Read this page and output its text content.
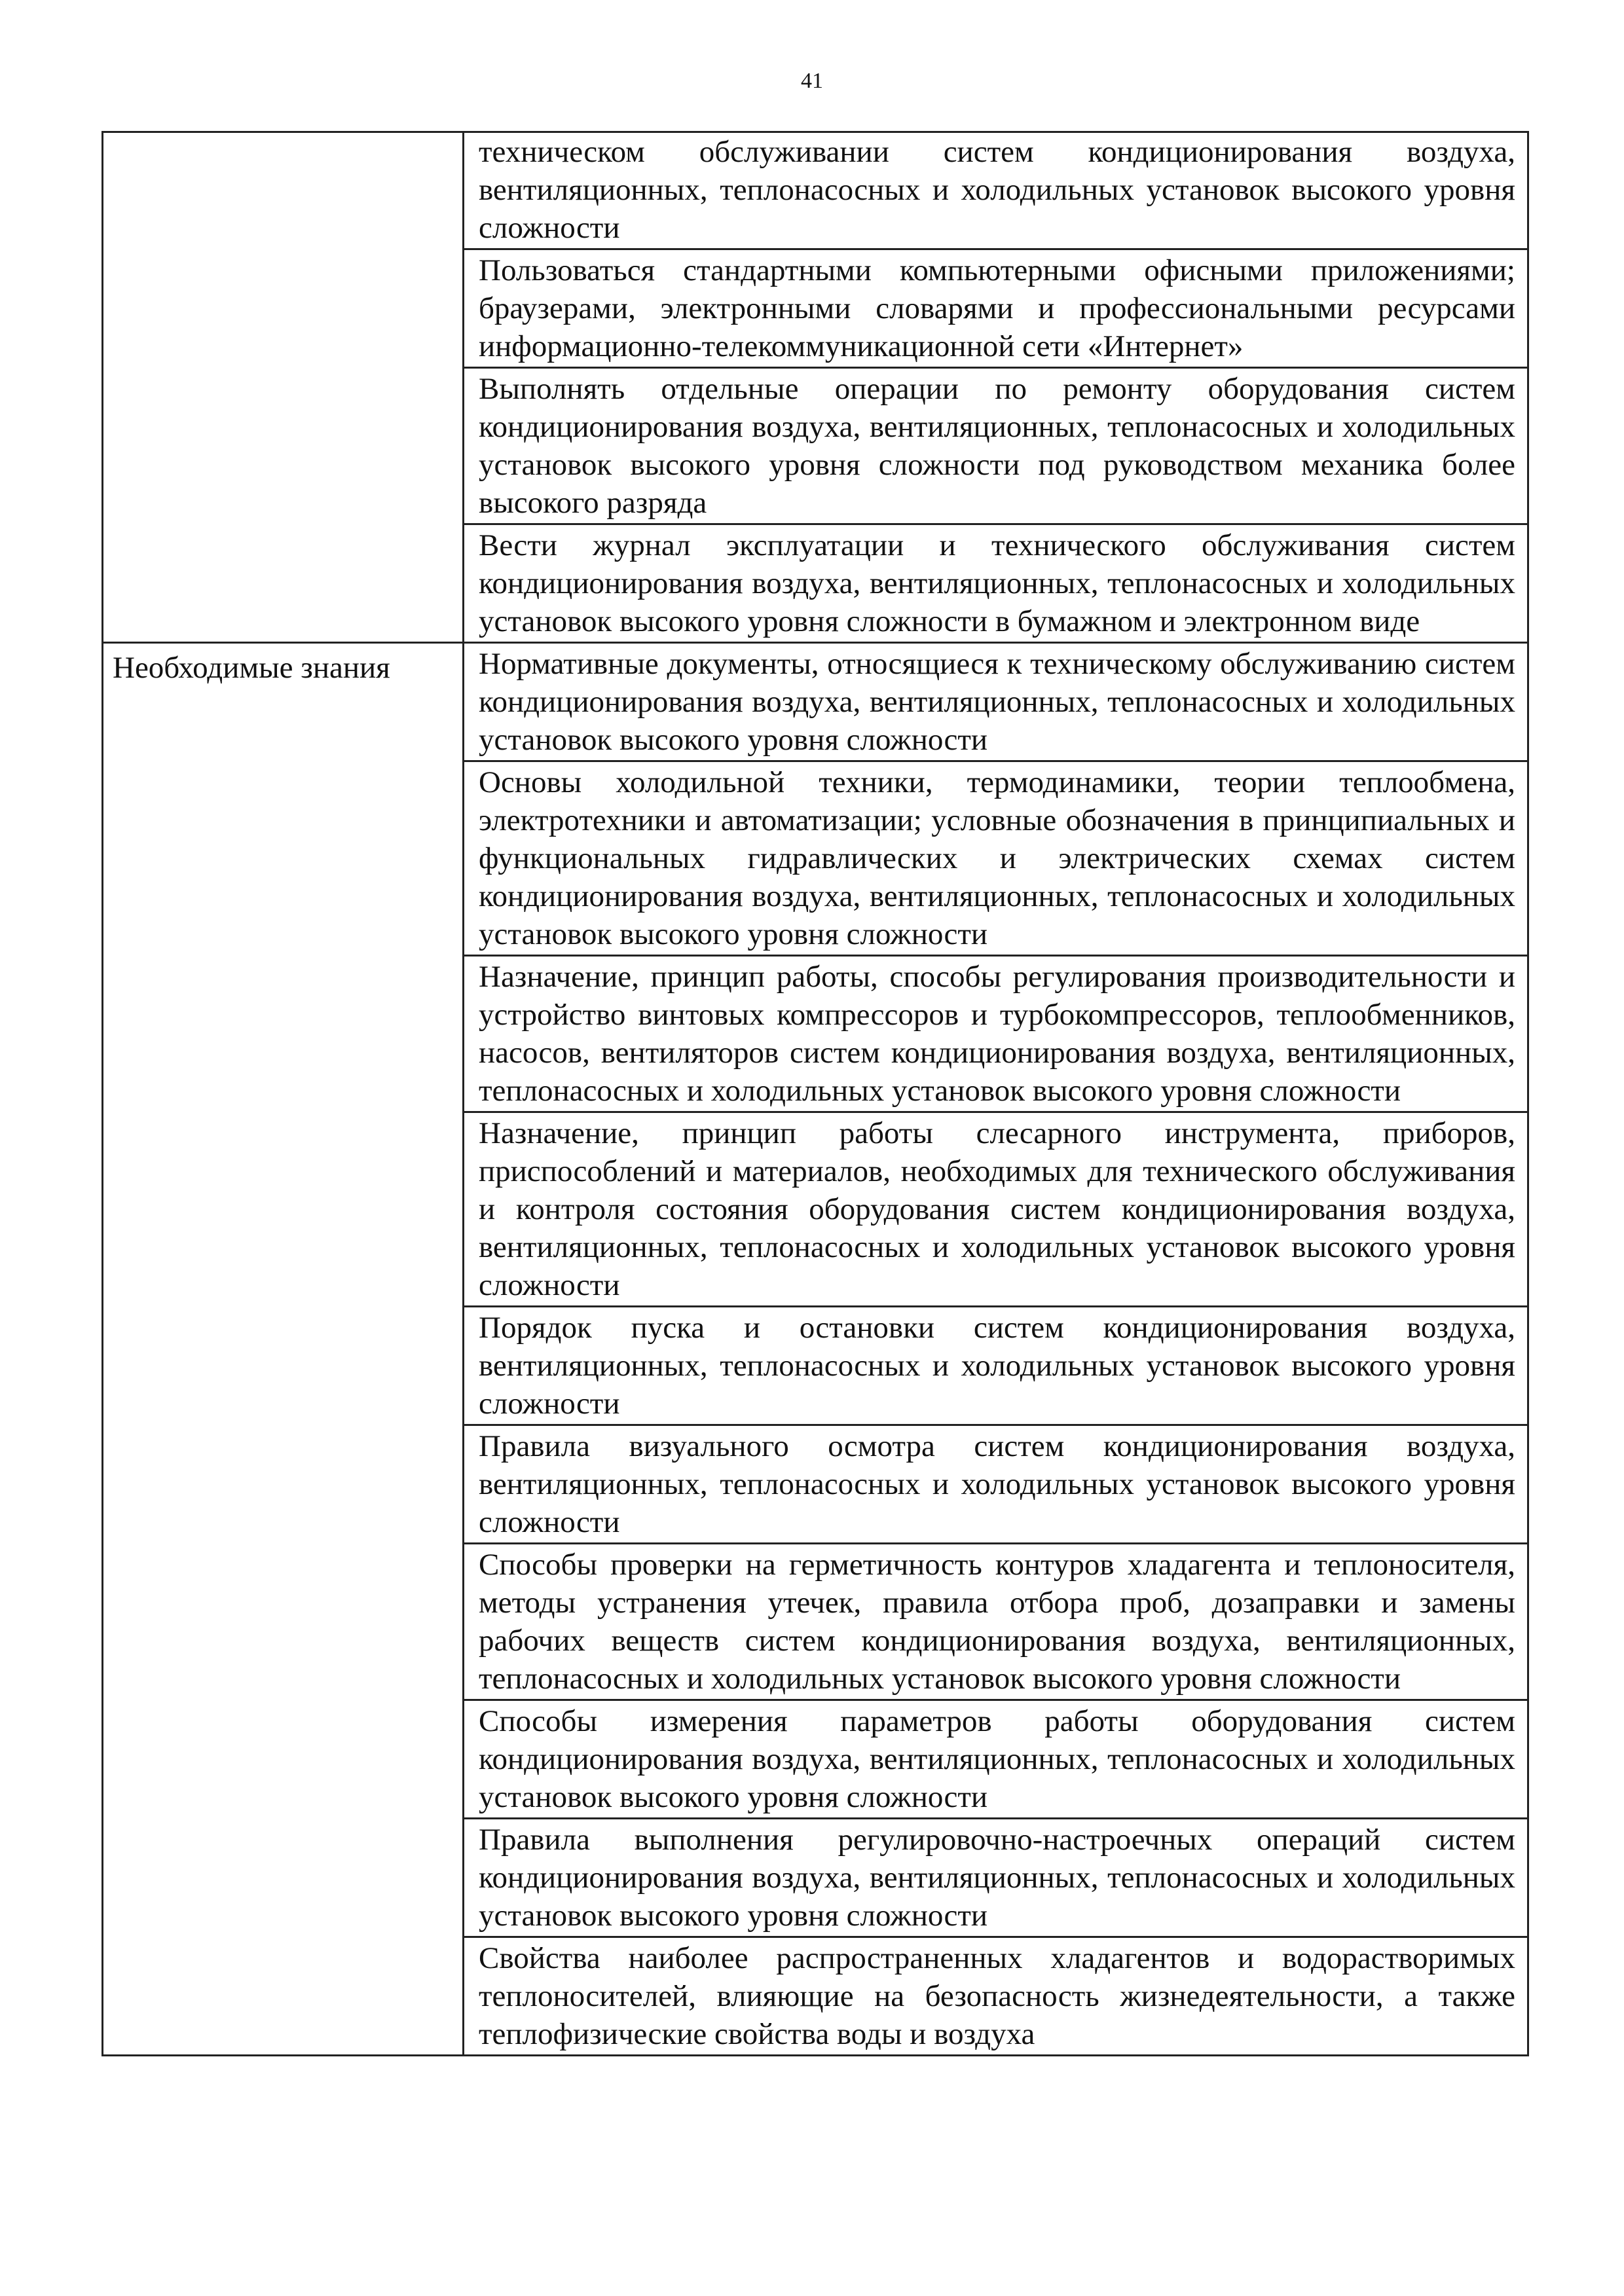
41
	техническом обслуживании систем кондиционирования воздуха, вентиляционных, теплонасосных и холодильных установок высокого уровня сложности
	Пользоваться стандартными компьютерными офисными приложениями; браузерами, электронными словарями и профессиональными ресурсами информационно-телекоммуникационной сети «Интернет»
	Выполнять отдельные операции по ремонту оборудования систем кондиционирования воздуха, вентиляционных, теплонасосных и холодильных установок высокого уровня сложности под руководством механика более высокого разряда
	Вести журнал эксплуатации и технического обслуживания систем кондиционирования воздуха, вентиляционных, теплонасосных и холодильных установок высокого уровня сложности в бумажном и электронном виде
Необходимые знания	Нормативные документы, относящиеся к техническому обслуживанию систем кондиционирования воздуха, вентиляционных, теплонасосных и холодильных установок высокого уровня сложности
	Основы холодильной техники, термодинамики, теории теплообмена, электротехники и автоматизации; условные обозначения в принципиальных и функциональных гидравлических и электрических схемах систем кондиционирования воздуха, вентиляционных, теплонасосных и холодильных установок высокого уровня сложности
	Назначение, принцип работы, способы регулирования производительности и устройство винтовых компрессоров и турбокомпрессоров, теплообменников, насосов, вентиляторов систем кондиционирования воздуха, вентиляционных, теплонасосных и холодильных установок высокого уровня сложности
	Назначение, принцип работы слесарного инструмента, приборов, приспособлений и материалов, необходимых для технического обслуживания и контроля состояния оборудования систем кондиционирования воздуха, вентиляционных, теплонасосных и холодильных установок высокого уровня сложности
	Порядок пуска и остановки систем кондиционирования воздуха, вентиляционных, теплонасосных и холодильных установок высокого уровня сложности
	Правила визуального осмотра систем кондиционирования воздуха, вентиляционных, теплонасосных и холодильных установок высокого уровня сложности
	Способы проверки на герметичность контуров хладагента и теплоносителя, методы устранения утечек, правила отбора проб, дозаправки и замены рабочих веществ систем кондиционирования воздуха, вентиляционных, теплонасосных и холодильных установок высокого уровня сложности
	Способы измерения параметров работы оборудования систем кондиционирования воздуха, вентиляционных, теплонасосных и холодильных установок высокого уровня сложности
	Правила выполнения регулировочно-настроечных операций систем кондиционирования воздуха, вентиляционных, теплонасосных и холодильных установок высокого уровня сложности
	Свойства наиболее распространенных хладагентов и водорастворимых теплоносителей, влияющие на безопасность жизнедеятельности, а также теплофизические свойства воды и воздуха
